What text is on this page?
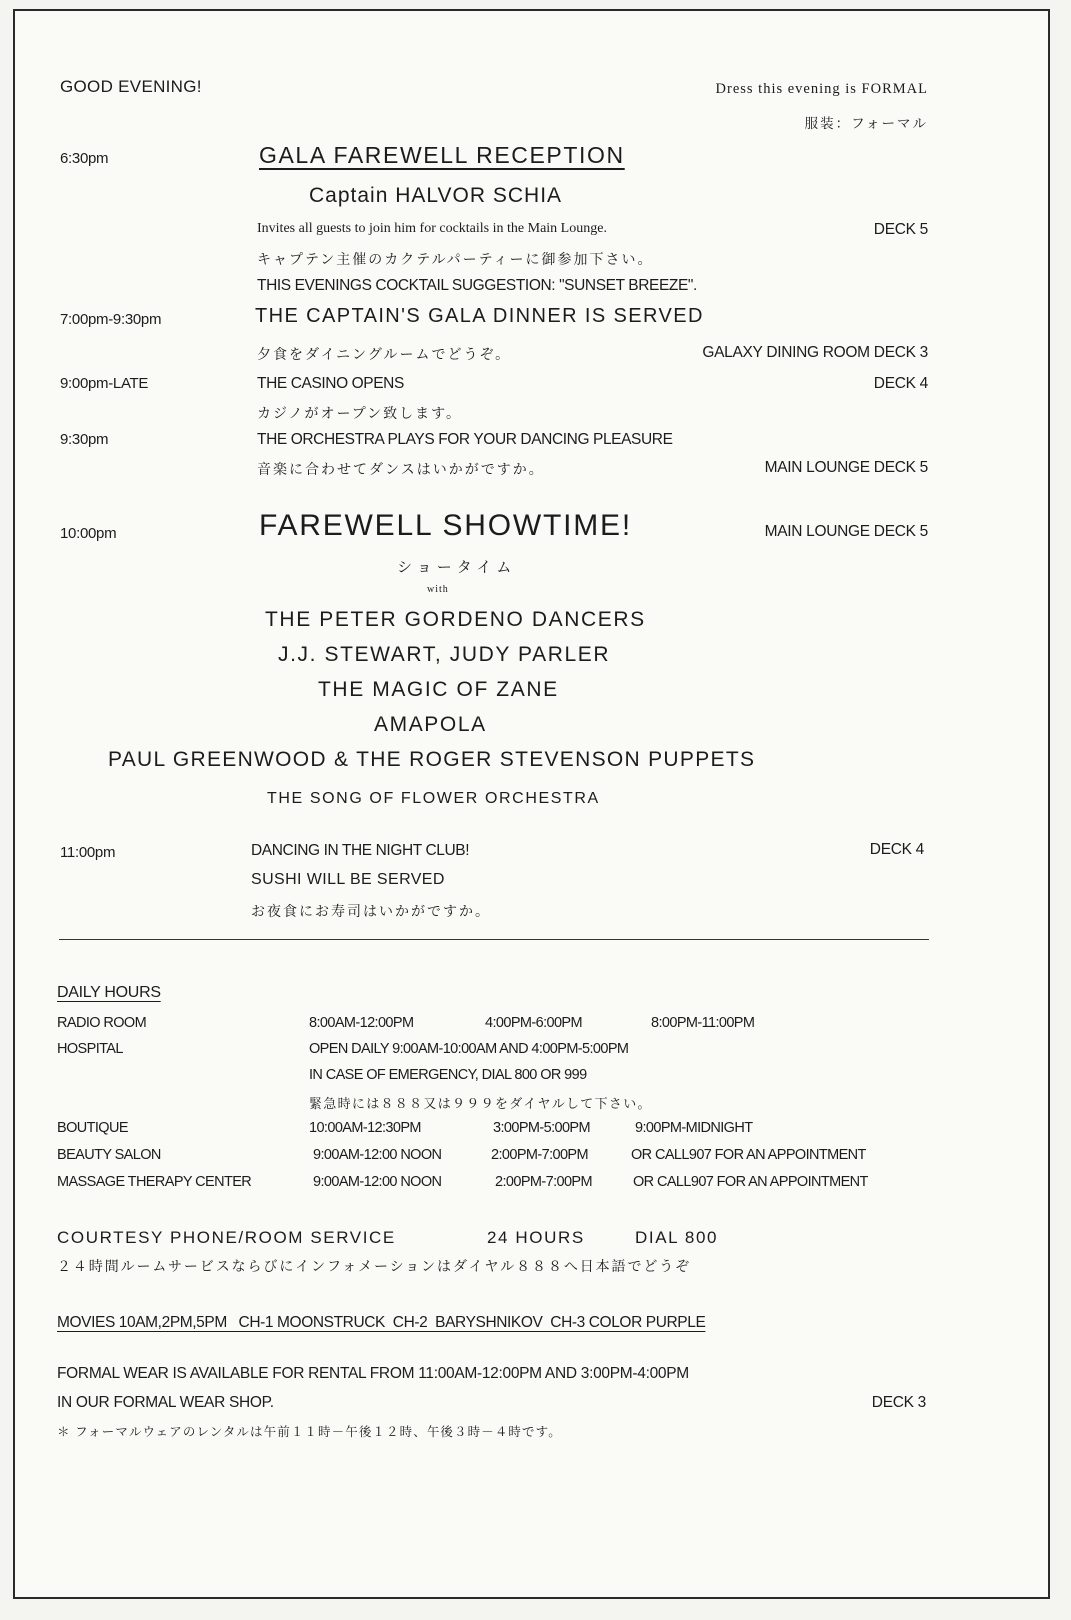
GOOD EVENING!	Dress this evening is FORMAL
服装：フォーマル
6:30pm	GALA FAREWELL RECEPTION
Captain HALVOR SCHIA
Invites all guests to join him for cocktails in the Main Lounge.	DECK 5
キャプテン主催のカクテルパーティーに御参加下さい。
THIS EVENINGS COCKTAIL SUGGESTION: "SUNSET BREEZE".
7:00pm-9:30pm	THE CAPTAIN'S GALA DINNER IS SERVED
夕食をダイニングルームでどうぞ。	GALAXY DINING ROOM DECK 3
9:00pm-LATE	THE CASINO OPENS	DECK 4
カジノがオープン致します。
9:30pm	THE ORCHESTRA PLAYS FOR YOUR DANCING PLEASURE
音楽に合わせてダンスはいかがですか。	MAIN LOUNGE DECK 5
10:00pm	FAREWELL SHOWTIME!	MAIN LOUNGE DECK 5
ショータイム
with
THE PETER GORDENO DANCERS
J.J. STEWART, JUDY PARLER
THE MAGIC OF ZANE
AMAPOLA
PAUL GREENWOOD & THE ROGER STEVENSON PUPPETS
THE SONG OF FLOWER ORCHESTRA
11:00pm	DANCING IN THE NIGHT CLUB!	DECK 4
SUSHI WILL BE SERVED
お夜食にお寿司はいかがですか。
DAILY HOURS
RADIO ROOM	8:00AM-12:00PM	4:00PM-6:00PM	8:00PM-11:00PM
HOSPITAL	OPEN DAILY 9:00AM-10:00AM AND 4:00PM-5:00PM
IN CASE OF EMERGENCY, DIAL 800 OR 999
緊急時には８８８又は９９９をダイヤルして下さい。
BOUTIQUE	10:00AM-12:30PM	3:00PM-5:00PM	9:00PM-MIDNIGHT
BEAUTY SALON	9:00AM-12:00 NOON	2:00PM-7:00PM	OR CALL907 FOR AN APPOINTMENT
MASSAGE THERAPY CENTER	9:00AM-12:00 NOON	2:00PM-7:00PM	OR CALL907 FOR AN APPOINTMENT
COURTESY PHONE/ROOM SERVICE	24 HOURS	DIAL 800
２４時間ルームサービスならびにインフォメーションはダイヤル８８８へ日本語でどうぞ
MOVIES 10AM,2PM,5PM   CH-1 MOONSTRUCK  CH-2  BARYSHNIKOV  CH-3 COLOR PURPLE
FORMAL WEAR IS AVAILABLE FOR RENTAL FROM 11:00AM-12:00PM AND 3:00PM-4:00PM
IN OUR FORMAL WEAR SHOP.	DECK 3
＊ フォーマルウェアのレンタルは午前１１時－午後１２時、午後３時－４時です。
